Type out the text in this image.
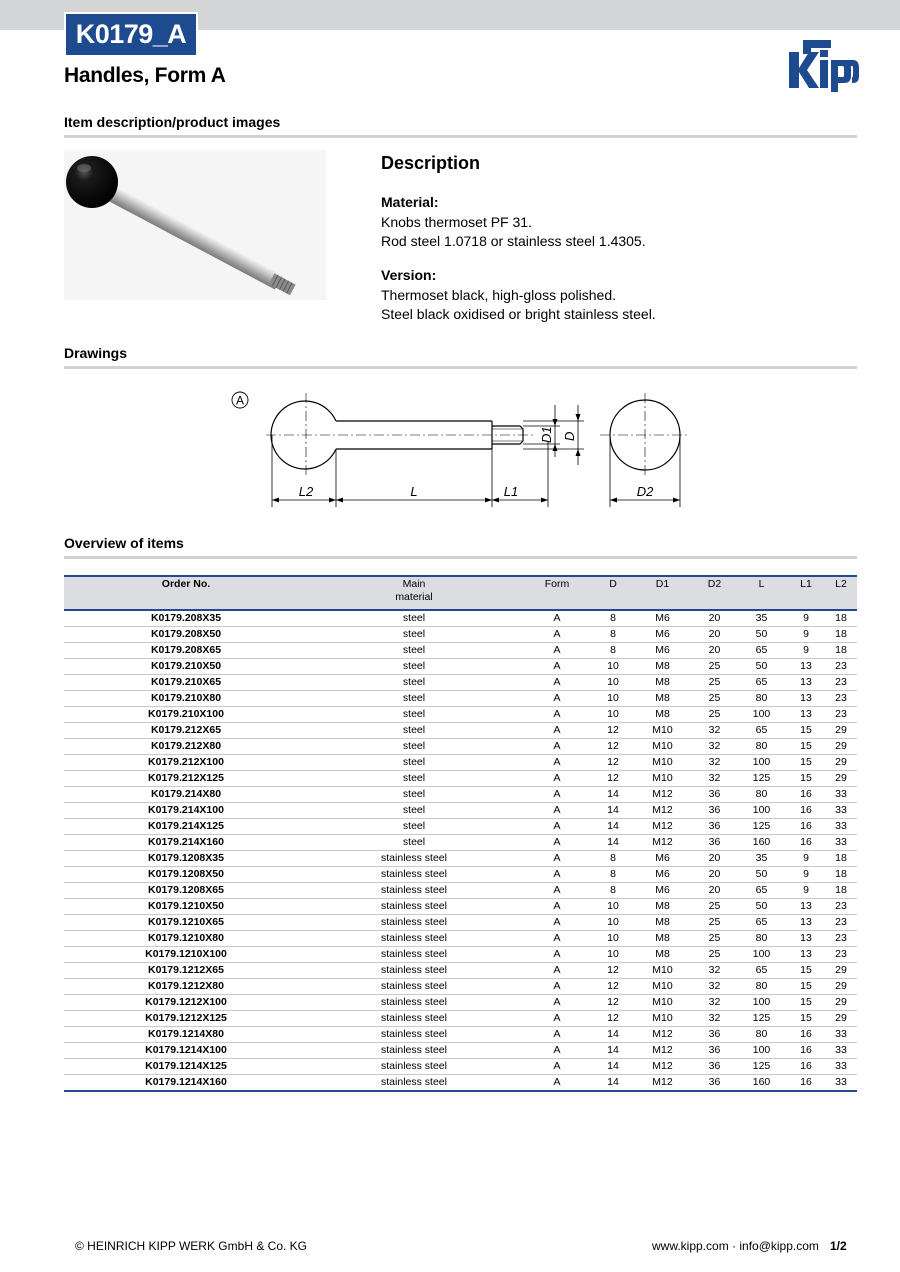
K0179_A
Handles, Form A
Item description/product images
Description
Material:
Knobs thermoset PF 31.
Rod steel 1.0718 or stainless steel 1.4305.
Version:
Thermoset black, high-gloss polished.
Steel black oxidised or bright stainless steel.
Drawings
A
L2	L	L1	D2
D1 D
Overview of items
Order No.	Main
material	Form	D	D1	D2	L	L1	L2
K0179.208X35	steel	A	8	M6	20	35	9	18
K0179.208X50	steel	A	8	M6	20	50	9	18
K0179.208X65	steel	A	8	M6	20	65	9	18
K0179.210X50	steel	A	10	M8	25	50	13	23
K0179.210X65	steel	A	10	M8	25	65	13	23
K0179.210X80	steel	A	10	M8	25	80	13	23
K0179.210X100	steel	A	10	M8	25	100	13	23
K0179.212X65	steel	A	12	M10	32	65	15	29
K0179.212X80	steel	A	12	M10	32	80	15	29
K0179.212X100	steel	A	12	M10	32	100	15	29
K0179.212X125	steel	A	12	M10	32	125	15	29
K0179.214X80	steel	A	14	M12	36	80	16	33
K0179.214X100	steel	A	14	M12	36	100	16	33
K0179.214X125	steel	A	14	M12	36	125	16	33
K0179.214X160	steel	A	14	M12	36	160	16	33
K0179.1208X35	stainless steel	A	8	M6	20	35	9	18
K0179.1208X50	stainless steel	A	8	M6	20	50	9	18
K0179.1208X65	stainless steel	A	8	M6	20	65	9	18
K0179.1210X50	stainless steel	A	10	M8	25	50	13	23
K0179.1210X65	stainless steel	A	10	M8	25	65	13	23
K0179.1210X80	stainless steel	A	10	M8	25	80	13	23
K0179.1210X100	stainless steel	A	10	M8	25	100	13	23
K0179.1212X65	stainless steel	A	12	M10	32	65	15	29
K0179.1212X80	stainless steel	A	12	M10	32	80	15	29
K0179.1212X100	stainless steel	A	12	M10	32	100	15	29
K0179.1212X125	stainless steel	A	12	M10	32	125	15	29
K0179.1214X80	stainless steel	A	14	M12	36	80	16	33
K0179.1214X100	stainless steel	A	14	M12	36	100	16	33
K0179.1214X125	stainless steel	A	14	M12	36	125	16	33
K0179.1214X160	stainless steel	A	14	M12	36	160	16	33
© HEINRICH KIPP WERK GmbH & Co. KG	www.kipp.com · info@kipp.com 1/2
